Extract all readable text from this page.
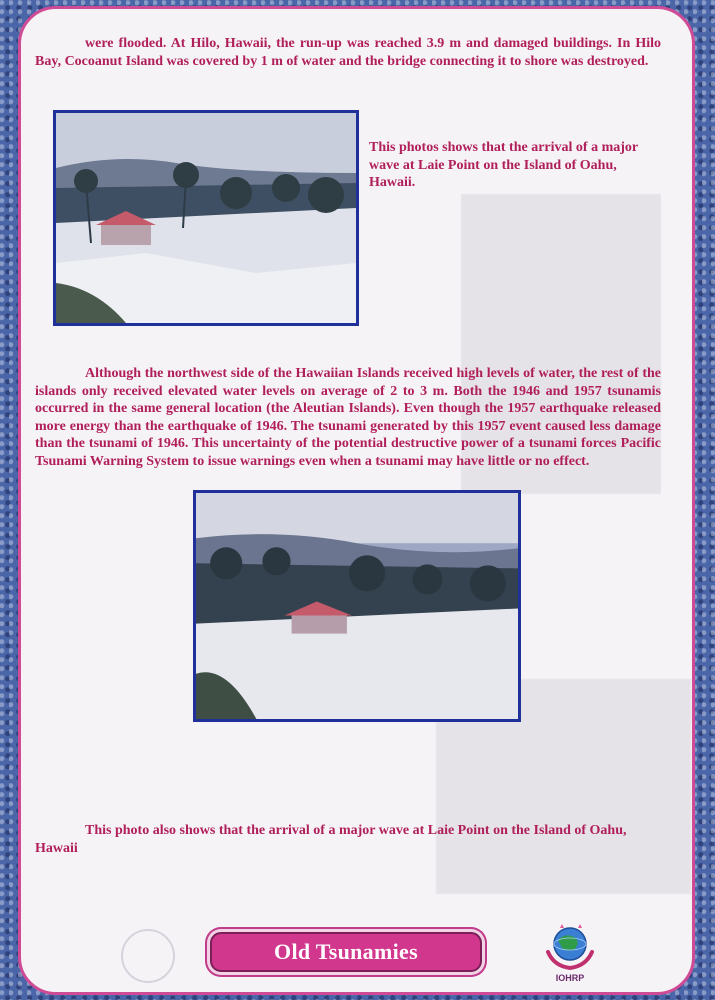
were flooded. At Hilo, Hawaii, the run-up was reached 3.9 m and damaged buildings. In Hilo Bay, Cocoanut Island was covered by 1 m of water and the bridge connecting it to shore was destroyed.

This photos shows that the arrival of a major wave at Laie Point on the Island of Oahu, Hawaii.

Although the northwest side of the Hawaiian Islands received high levels of water, the rest of the islands only received elevated water levels on average of 2 to 3 m. Both the 1946 and 1957 tsunamis occurred in the same general location (the Aleutian Islands). Even though the 1957 earthquake released more energy than the earthquake of 1946. The tsunami generated by this 1957 event caused less damage than the tsunami of 1946. This uncertainty of the potential destructive power of a tsunami forces Pacific Tsunami Warning System to issue warnings even when a tsunami may have little or no effect.

This photo also shows that the arrival of a major wave at Laie Point on the Island of Oahu, Hawaii

Old Tsunamies
IOHRP
